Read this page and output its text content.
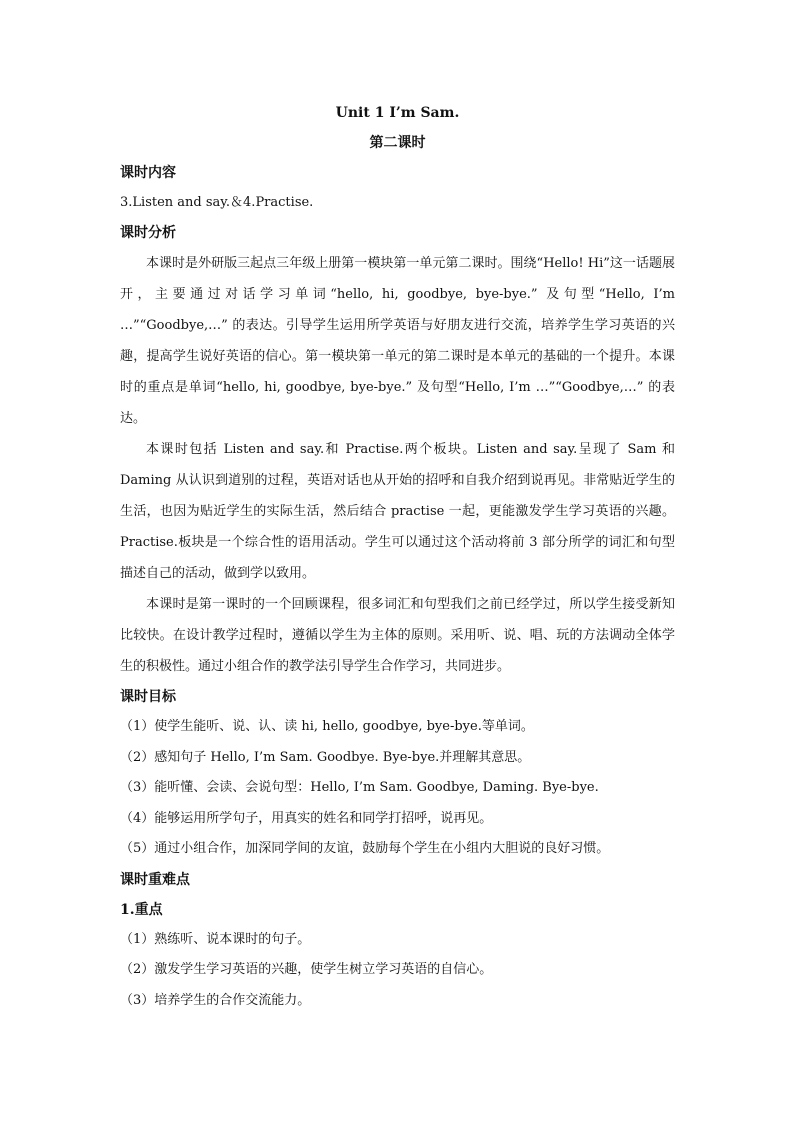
Unit 1 I’m Sam.

第二课时

课时内容

3.Listen and say.＆4.Practise.

课时分析

本课时是外研版三起点三年级上册第一模块第一单元第二课时。围绕“Hello! Hi”这一话题展开，主要通过对话学习单词“hello, hi, goodbye, bye-bye.” 及句型“Hello, I’m …”“Goodbye,…” 的表达。引导学生运用所学英语与好朋友进行交流，培养学生学习英语的兴趣，提高学生说好英语的信心。第一模块第一单元的第二课时是本单元的基础的一个提升。本课时的重点是单词“hello, hi, goodbye, bye-bye.” 及句型“Hello, I’m …”“Goodbye,…” 的表达。

本课时包括 Listen and say.和 Practise.两个板块。Listen and say.呈现了 Sam 和 Daming 从认识到道别的过程，英语对话也从开始的招呼和自我介绍到说再见。非常贴近学生的生活，也因为贴近学生的实际生活，然后结合 practise 一起，更能激发学生学习英语的兴趣。Practise.板块是一个综合性的语用活动。学生可以通过这个活动将前 3 部分所学的词汇和句型描述自己的活动，做到学以致用。

本课时是第一课时的一个回顾课程，很多词汇和句型我们之前已经学过，所以学生接受新知比较快。在设计教学过程时，遵循以学生为主体的原则。采用听、说、唱、玩的方法调动全体学生的积极性。通过小组合作的教学法引导学生合作学习，共同进步。

课时目标

（1）使学生能听、说、认、读 hi, hello, goodbye, bye-bye.等单词。

（2）感知句子 Hello, I’m Sam. Goodbye. Bye-bye.并理解其意思。

（3）能听懂、会读、会说句型：Hello, I’m Sam. Goodbye, Daming. Bye-bye.

（4）能够运用所学句子，用真实的姓名和同学打招呼，说再见。

（5）通过小组合作，加深同学间的友谊，鼓励每个学生在小组内大胆说的良好习惯。

课时重难点

1.重点

（1）熟练听、说本课时的句子。

（2）激发学生学习英语的兴趣，使学生树立学习英语的自信心。

（3）培养学生的合作交流能力。
